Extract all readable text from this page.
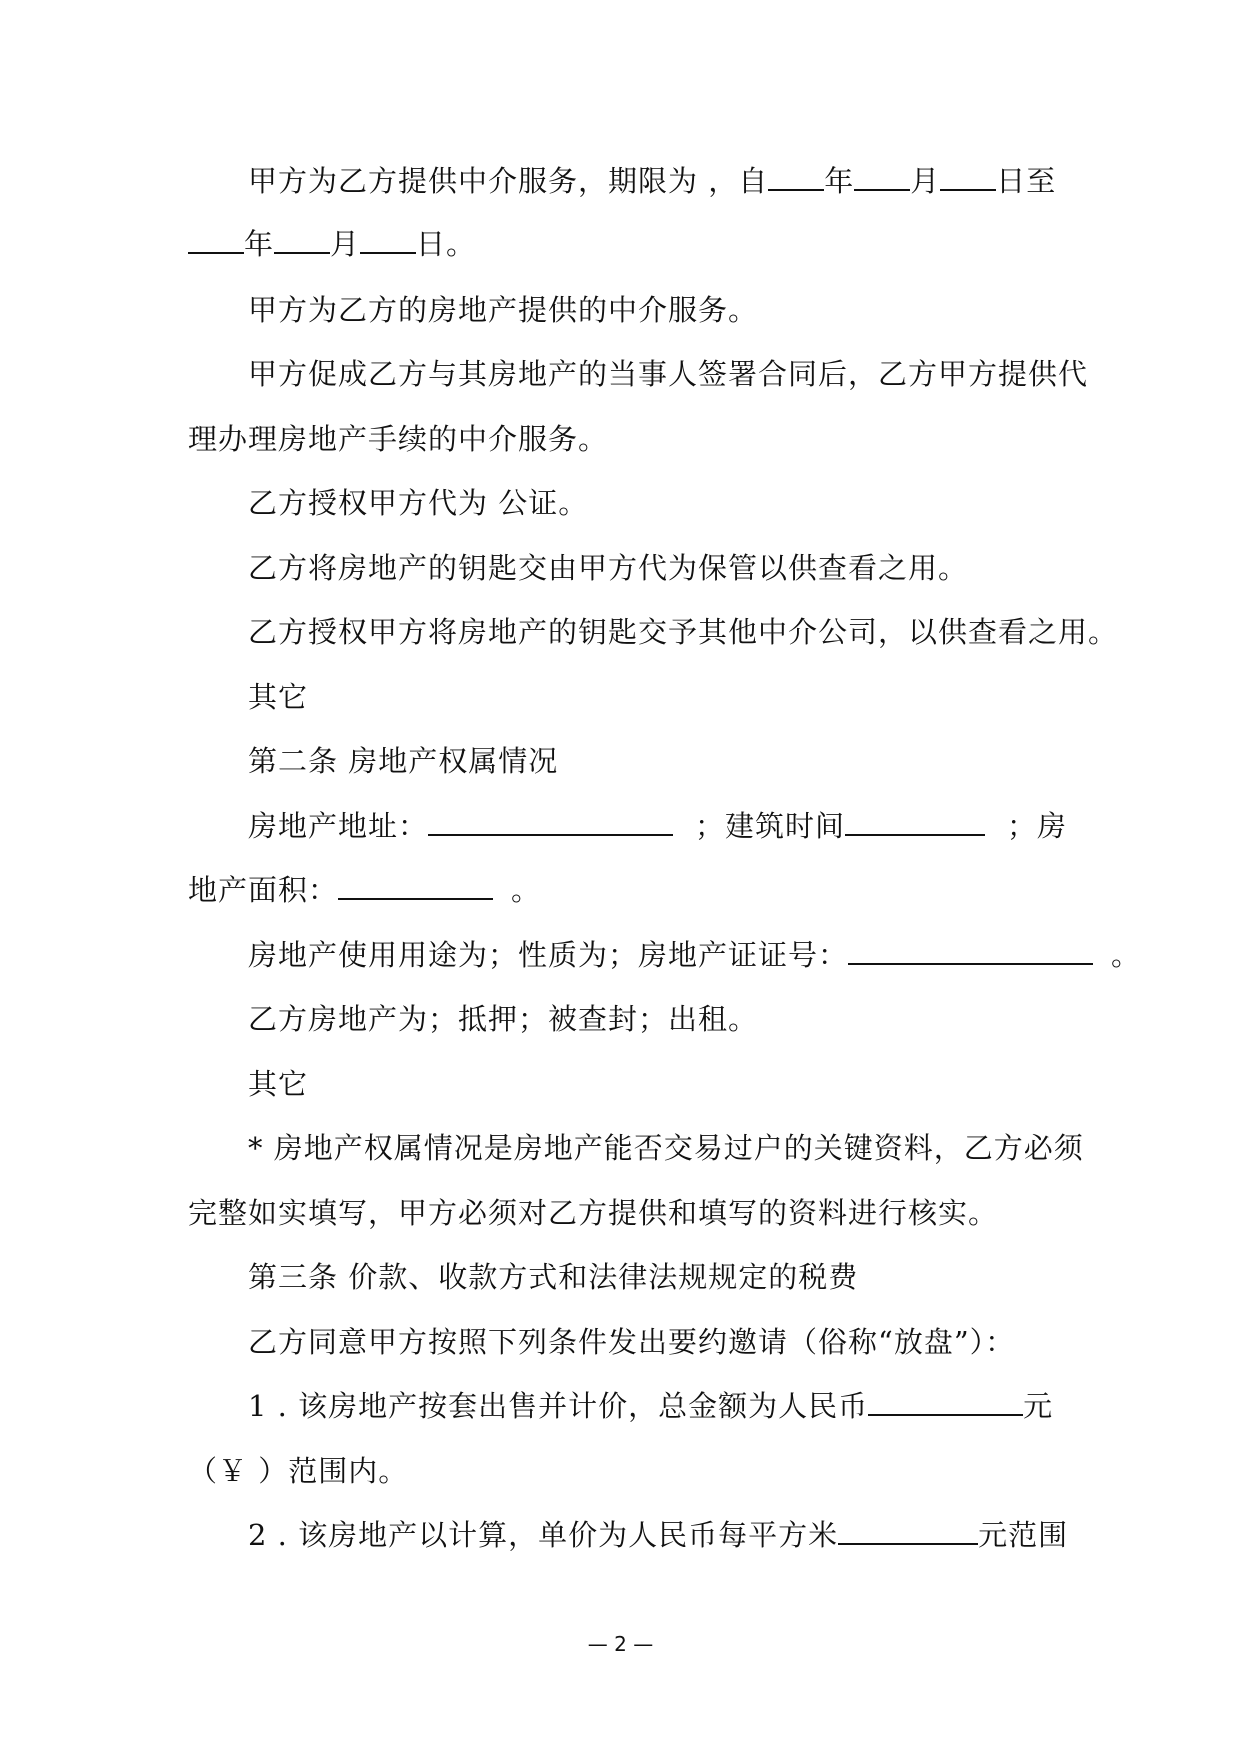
甲方为乙方提供中介服务，期限为 ，自 年 月 日至
年 月 日。
甲方为乙方的房地产提供的中介服务。
甲方促成乙方与其房地产的当事人签署合同后，乙方甲方提供代
理办理房地产手续的中介服务。
乙方授权甲方代为 公证。
乙方将房地产的钥匙交由甲方代为保管以供查看之用。
乙方授权甲方将房地产的钥匙交予其他中介公司，以供查看之用。
其它
第二条 房地产权属情况
房地产地址：	；建筑时间	；房
地产面积：	。
房地产使用用途为；性质为；房地产证证号：	。
乙方房地产为；抵押；被查封；出租。
其它
* 房地产权属情况是房地产能否交易过户的关键资料，乙方必须
完整如实填写，甲方必须对乙方提供和填写的资料进行核实。
第三条 价款、收款方式和法律法规规定的税费
乙方同意甲方按照下列条件发出要约邀请（俗称“放盘”）：
1 . 该房地产按套出售并计价，总金额为人民币	元
（￥ ）范围内。
2 . 该房地产以计算，单价为人民币每平方米	元范围
— 2 —
